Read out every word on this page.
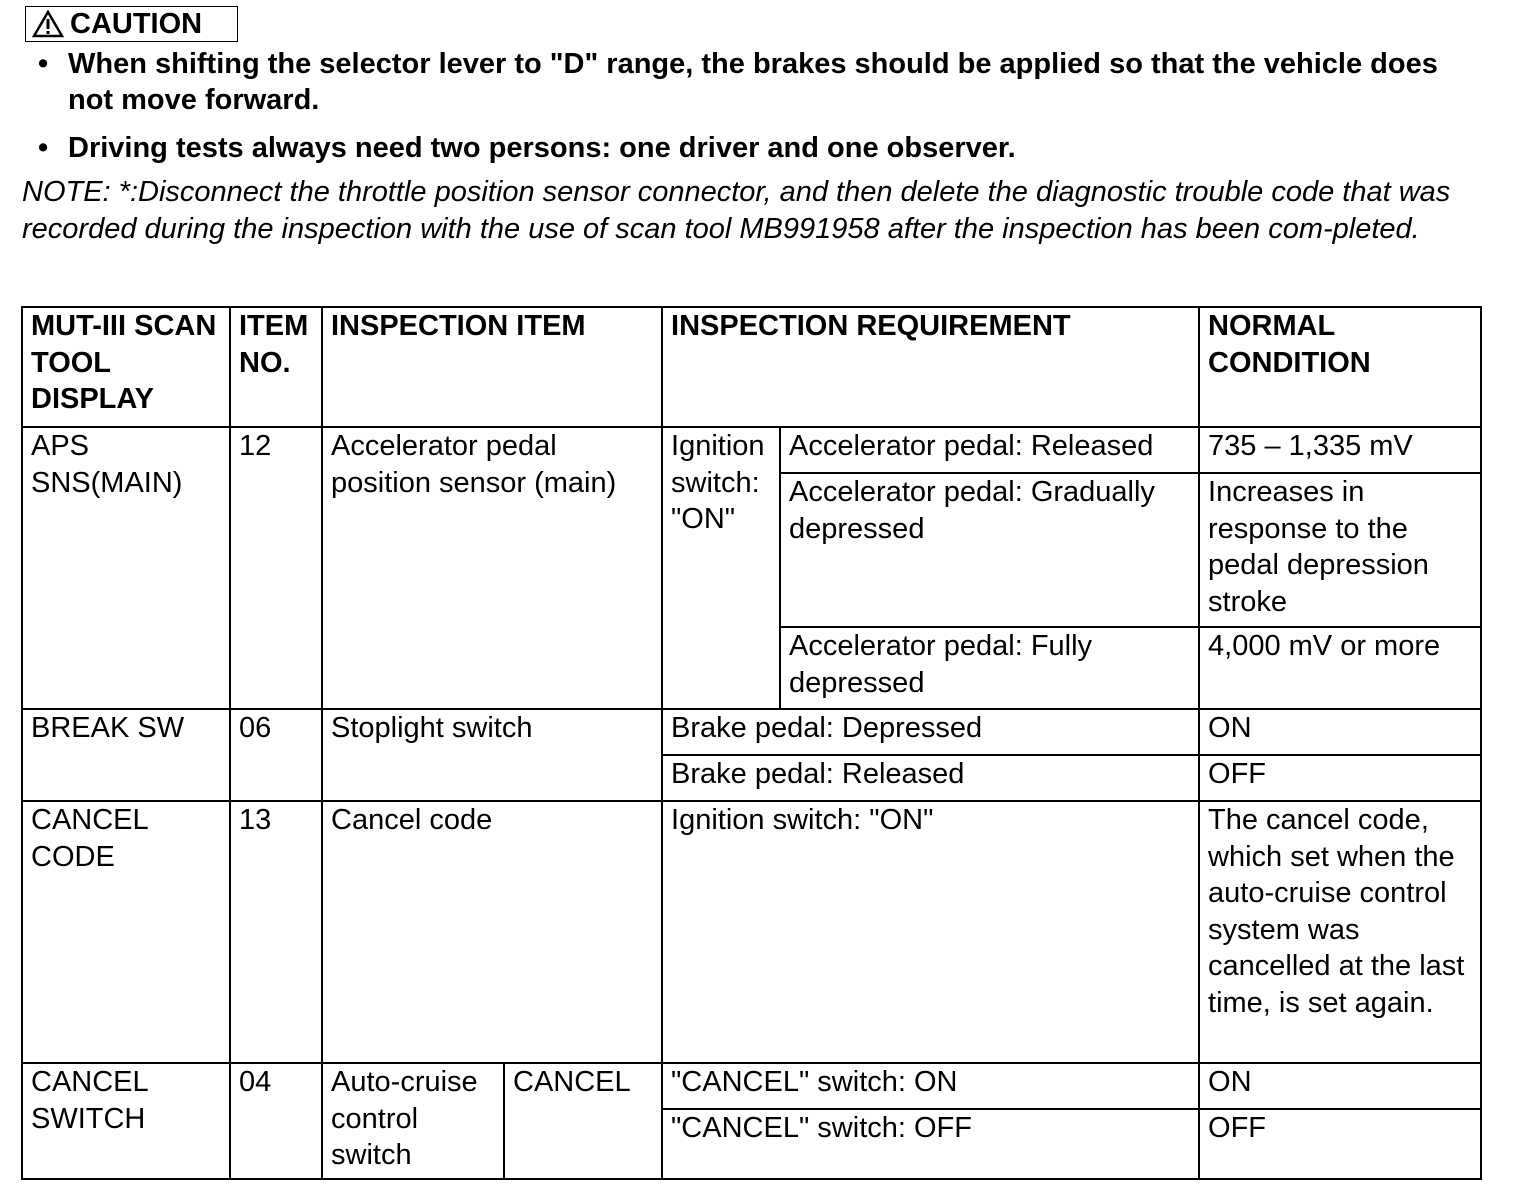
CAUTION
• When shifting the selector lever to "D" range, the brakes should be applied so that the vehicle does not move forward.
• Driving tests always need two persons: one driver and one observer.
NOTE: *:Disconnect the throttle position sensor connector, and then delete the diagnostic trouble code that was recorded during the inspection with the use of scan tool MB991958 after the inspection has been com-pleted.
MUT-III SCAN TOOL DISPLAY	ITEM NO.	INSPECTION ITEM		INSPECTION REQUIREMENT		NORMAL CONDITION
APS SNS(MAIN)	12	Accelerator pedal position sensor (main)		Ignition switch: "ON"	Accelerator pedal: Released	735 – 1,335 mV
					Accelerator pedal: Gradually depressed	Increases in response to the pedal depression stroke
					Accelerator pedal: Fully depressed	4,000 mV or more
BREAK SW	06	Stoplight switch		Brake pedal: Depressed		ON
				Brake pedal: Released		OFF
CANCEL CODE	13	Cancel code		Ignition switch: "ON"		The cancel code, which set when the auto-cruise control system was cancelled at the last time, is set again.
CANCEL SWITCH	04	Auto-cruise control switch	CANCEL	"CANCEL" switch: ON		ON
				"CANCEL" switch: OFF		OFF
